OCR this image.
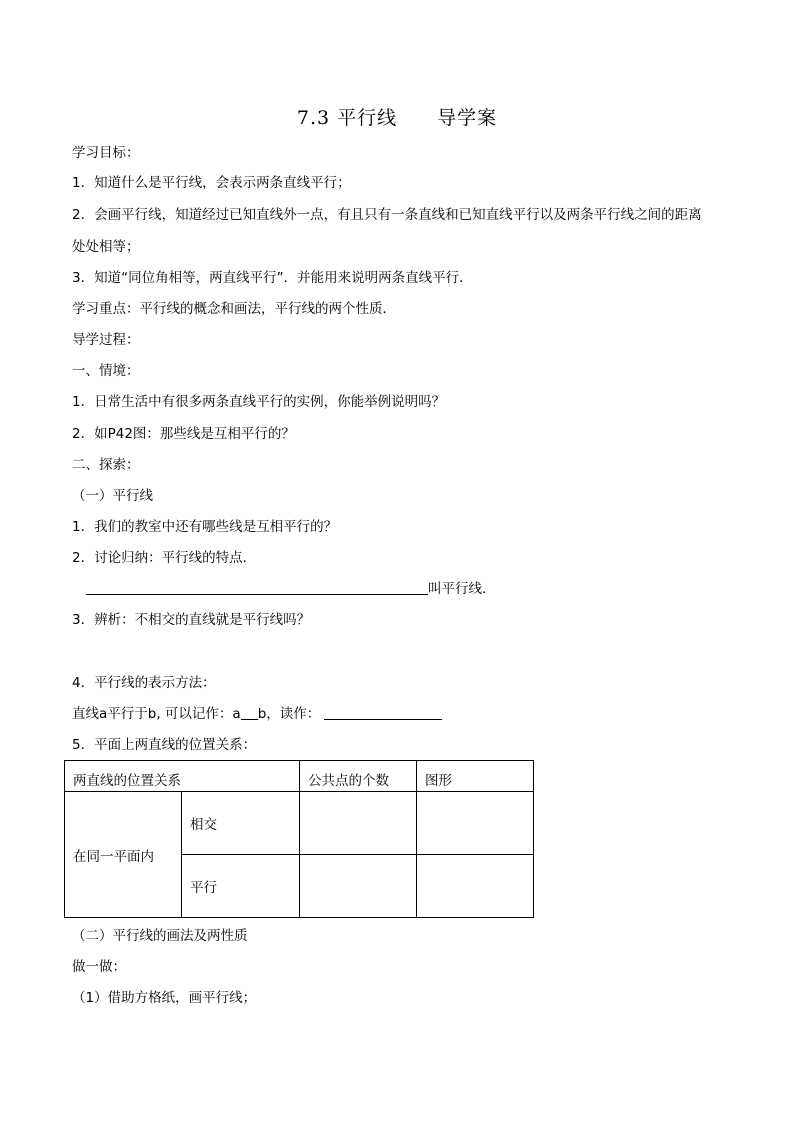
7.3 平行线　　导学案
学习目标：
1．知道什么是平行线，会表示两条直线平行；
2．会画平行线，知道经过已知直线外一点，有且只有一条直线和已知直线平行以及两条平行线之间的距离
处处相等；
3．知道“同位角相等，两直线平行”．并能用来说明两条直线平行．
学习重点：平行线的概念和画法，平行线的两个性质．
导学过程：
一、情境：
1．日常生活中有很多两条直线平行的实例，你能举例说明吗？
2．如P42图：那些线是互相平行的？
二、探索：
（一）平行线
1．我们的教室中还有哪些线是互相平行的？
2．讨论归纳：平行线的特点．
叫平行线．
3．辨析：不相交的直线就是平行线吗？
4．平行线的表示方法：
直线a平行于b, 可以记作：a b，读作：
5．平面上两直线的位置关系：
两直线的位置关系		公共点的个数	图形
在同一平面内	相交		
	平行		
（二）平行线的画法及两性质
做一做：
（1）借助方格纸，画平行线；
